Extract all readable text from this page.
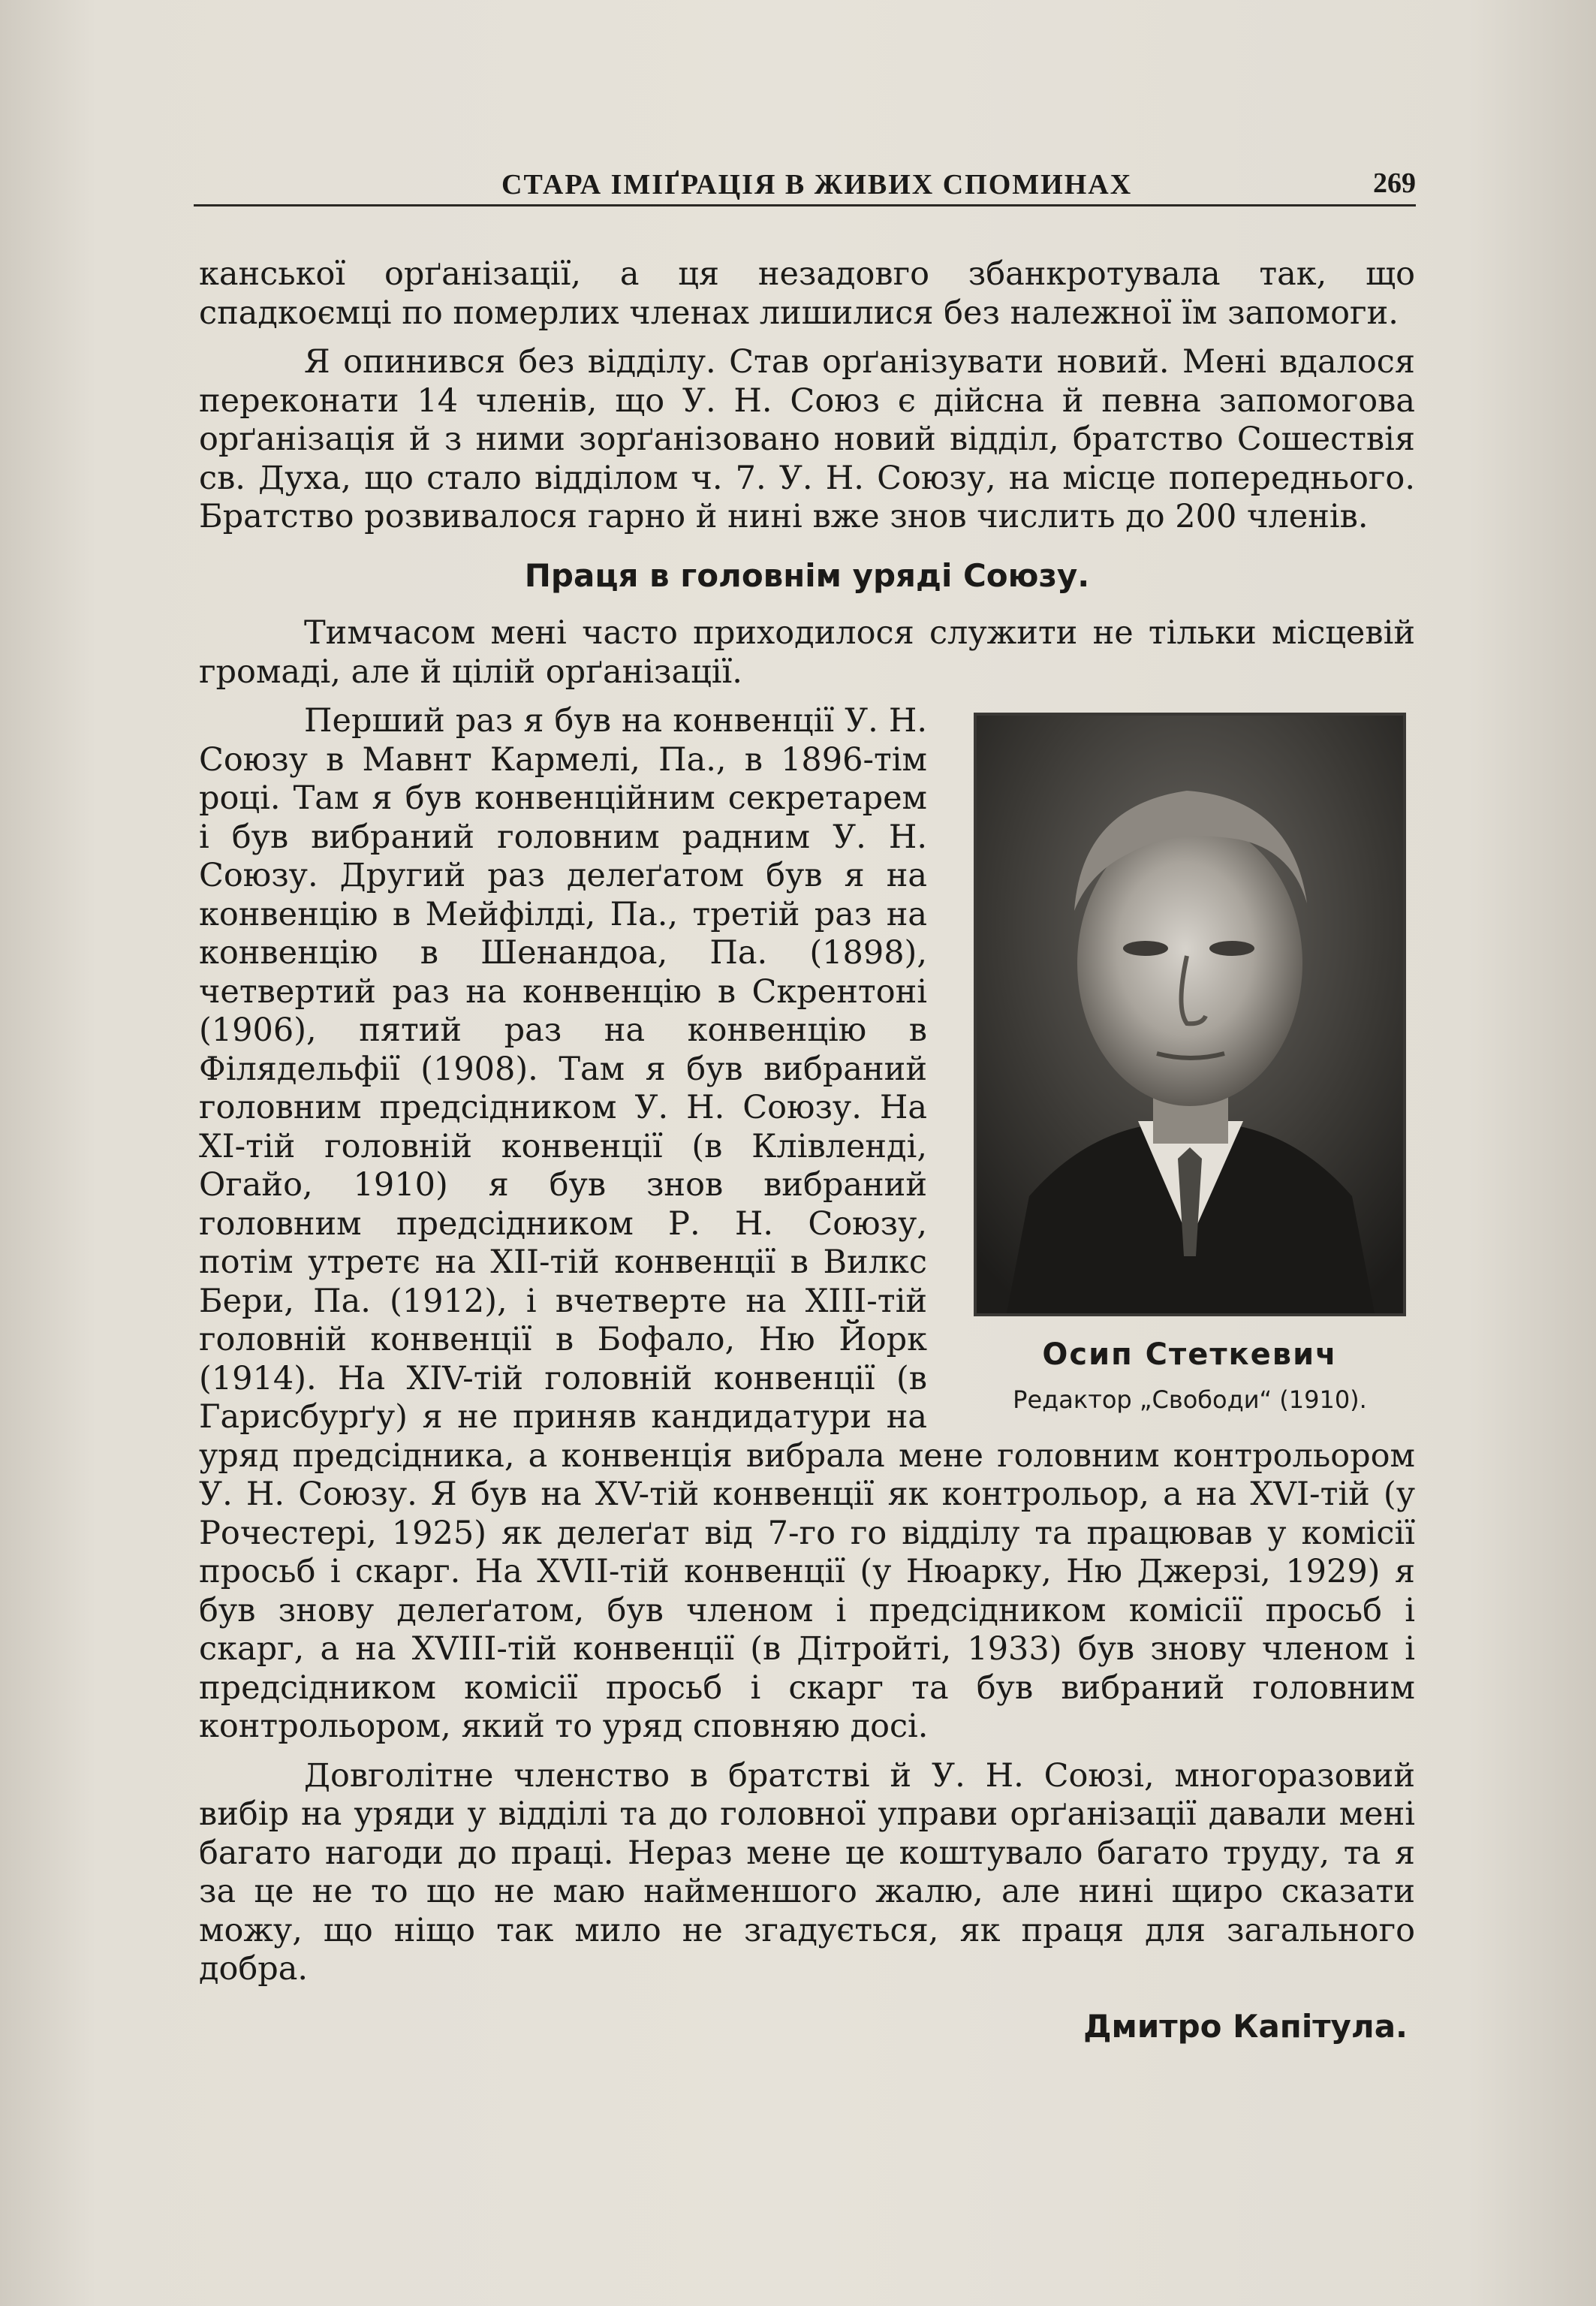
СТАРА ІМІҐРАЦІЯ В ЖИВИХ СПОМИНАХ	269

канської орґанізації, а ця незадовго збанкротувала так, що спадкоємці по померлих членах лишилися без належної їм запомоги.

Я опинився без відділу. Став орґанізувати новий. Мені вдалося переконати 14 членів, що У. Н. Союз є дійсна й певна запомогова орґанізація й з ними зорґанізовано новий відділ, братство Сошествія св. Духа, що стало відділом ч. 7. У. Н. Союзу, на місце попереднього. Братство розвивалося гарно й нині вже знов числить до 200 членів.

Праця в головнім уряді Союзу.

Тимчасом мені часто приходилося служити не тільки місцевій громаді, але й цілій орґанізації.

Осип Стеткевич
Редактор „Свободи“ (1910).

Перший раз я був на конвенції У. Н. Союзу в Мавнт Кармелі, Па., в 1896-тім році. Там я був конвенційним секретарем і був вибраний головним радним У. Н. Союзу. Другий раз делеґатом був я на конвенцію в Мейфілді, Па., третій раз на конвенцію в Шенандоа, Па. (1898), четвертий раз на конвенцію в Скрентоні (1906), пятий раз на конвенцію в Філядельфії (1908). Там я був вибраний головним предсідником У. Н. Союзу. На XI-тій головній конвенції (в Клівленді, Огайо, 1910) я був знов вибраний головним предсідником Р. Н. Союзу, потім утретє на XII-тій конвенції в Вилкс Бери, Па. (1912), і вчетверте на XIII-тій головній конвенції в Бофало, Ню Йорк (1914). На XIV-тій головній конвенції (в Гарисбурґу) я не приняв кандидатури на уряд предсідника, а конвенція вибрала мене головним контрольором У. Н. Союзу. Я був на XV-тій конвенції як контрольор, а на XVI-тій (у Рочестері, 1925) як делеґат від 7-го го відділу та працював у комісії просьб і скарг. На XVII-тій конвенції (у Нюарку, Ню Джерзі, 1929) я був знову делеґатом, був членом і предсідником комісії просьб і скарг, а на XVIII-тій конвенції (в Дітройті, 1933) був знову членом і предсідником комісії просьб і скарг та був вибраний головним контрольором, який то уряд сповняю досі.

Довголітне членство в братстві й У. Н. Союзі, многоразовий вибір на уряди у відділі та до головної управи орґанізації давали мені багато нагоди до праці. Нераз мене це коштувало багато труду, та я за це не то що не маю найменшого жалю, але нині щиро сказати можу, що ніщо так мило не згадується, як праця для загального добра.

Дмитро Капітула.
